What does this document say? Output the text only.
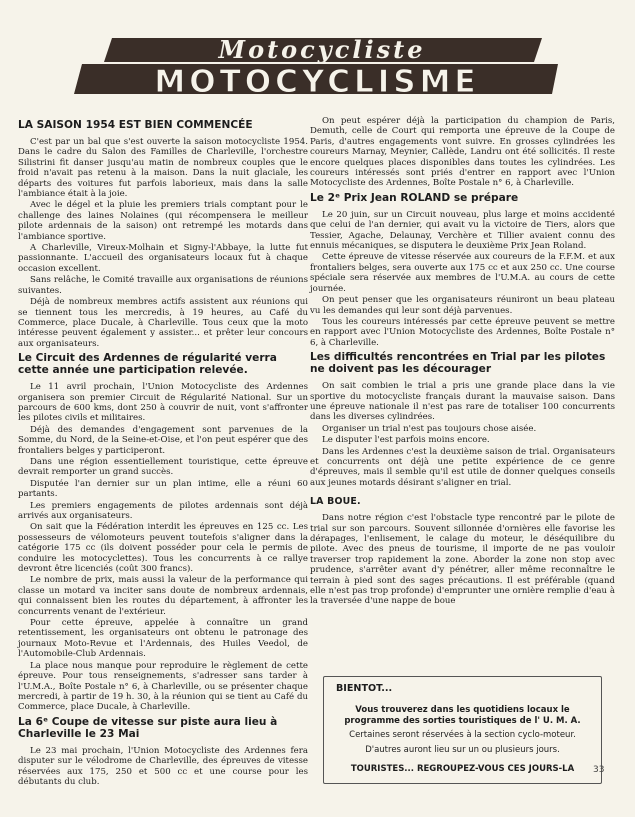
Motocycliste
MOTOCYCLISME
LA SAISON 1954 EST BIEN COMMENCÉE

C'est par un bal que s'est ouverte la saison motocycliste 1954. Dans le cadre du Salon des Familles de Charleville, l'orchestre Silistrini fit danser jusqu'au matin de nombreux couples que le froid n'avait pas retenu à la maison. Dans la nuit glaciale, les départs des voitures fut parfois laborieux, mais dans la salle l'ambiance était à la joie.

Avec le dégel et la pluie les premiers trials comptant pour le challenge des laines Nolaines (qui récompensera le meilleur pilote ardennais de la saison) ont retrempé les motards dans l'ambiance sportive.

A Charleville, Vireux-Molhain et Signy-l'Abbaye, la lutte fut passionnante. L'accueil des organisateurs locaux fut à chaque occasion excellent.

Sans relâche, le Comité travaille aux organisations de réunions suivantes.

Déjà de nombreux membres actifs assistent aux réunions qui se tiennent tous les mercredis, à 19 heures, au Café du Commerce, place Ducale, à Charleville. Tous ceux que la moto intéresse peuvent également y assister... et prêter leur concours aux organisateurs.

Le Circuit des Ardennes de régularité verra cette année une participation relevée.

Le 11 avril prochain, l'Union Motocycliste des Ardennes organisera son premier Circuit de Régularité National. Sur un parcours de 600 kms, dont 250 à couvrir de nuit, vont s'affronter les pilotes civils et militaires.

Déjà des demandes d'engagement sont parvenues de la Somme, du Nord, de la Seine-et-Oise, et l'on peut espérer que des frontaliers belges y participeront.

Dans une région essentiellement touristique, cette épreuve devrait remporter un grand succès.

Disputée l'an dernier sur un plan intime, elle a réuni 60 partants.

Les premiers engagements de pilotes ardennais sont déjà arrivés aux organisateurs.

On sait que la Fédération interdit les épreuves en 125 cc. Les possesseurs de vélomoteurs peuvent toutefois s'aligner dans la catégorie 175 cc (ils doivent posséder pour cela le permis de conduire les motocyclettes). Tous les concurrents à ce rallye devront être licenciés (coût 300 francs).

Le nombre de prix, mais aussi la valeur de la performance qui classe un motard va inciter sans doute de nombreux ardennais, qui connaissent bien les routes du département, à affronter les concurrents venant de l'extérieur.

Pour cette épreuve, appelée à connaître un grand retentissement, les organisateurs ont obtenu le patronage des journaux Moto-Revue et l'Ardennais, des Huiles Veedol, de l'Automobile-Club Ardennais.

La place nous manque pour reproduire le règlement de cette épreuve. Pour tous renseignements, s'adresser sans tarder à l'U.M.A., Boîte Postale n° 6, à Charleville, ou se présenter chaque mercredi, à partir de 19 h. 30, à la réunion qui se tient au Café du Commerce, place Ducale, à Charleville.

La 6ᵉ Coupe de vitesse sur piste aura lieu à Charleville le 23 Mai

Le 23 mai prochain, l'Union Motocycliste des Ardennes fera disputer sur le vélodrome de Charleville, des épreuves de vitesse réservées aux 175, 250 et 500 cc et une course pour les débutants du club.

On peut espérer déjà la participation du champion de Paris, Demuth, celle de Court qui remporta une épreuve de la Coupe de Paris, d'autres engagements vont suivre. En grosses cylindrées les coureurs Marnay, Meynier, Callède, Landru ont été sollicités. Il reste encore quelques places disponibles dans toutes les cylindrées. Les coureurs intéressés sont priés d'entrer en rapport avec l'Union Motocycliste des Ardennes, Boîte Postale n° 6, à Charleville.

Le 2ᵉ Prix Jean ROLAND se prépare

Le 20 juin, sur un Circuit nouveau, plus large et moins accidenté que celui de l'an dernier, qui avait vu la victoire de Tiers, alors que Tessier, Agache, Delaunay, Verchère et Tillier avaient connu des ennuis mécaniques, se disputera le deuxième Prix Jean Roland.

Cette épreuve de vitesse réservée aux coureurs de la F.F.M. et aux frontaliers belges, sera ouverte aux 175 cc et aux 250 cc. Une course spéciale sera réservée aux membres de l'U.M.A. au cours de cette journée.

On peut penser que les organisateurs réuniront un beau plateau vu les demandes qui leur sont déjà parvenues.

Tous les coureurs intéressés par cette épreuve peuvent se mettre en rapport avec l'Union Motocycliste des Ardennes, Boîte Postale n° 6, à Charleville.

Les difficultés rencontrées en Trial par les pilotes ne doivent pas les décourager

On sait combien le trial a pris une grande place dans la vie sportive du motocycliste français durant la mauvaise saison. Dans une épreuve nationale il n'est pas rare de totaliser 100 concurrents dans les diverses cylindrées.

Organiser un trial n'est pas toujours chose aisée.

Le disputer l'est parfois moins encore.

Dans les Ardennes c'est la deuxième saison de trial. Organisateurs et concurrents ont déjà une petite expérience de ce genre d'épreuves, mais il semble qu'il est utile de donner quelques conseils aux jeunes motards désirant s'aligner en trial.

LA BOUE.

Dans notre région c'est l'obstacle type rencontré par le pilote de trial sur son parcours. Souvent sillonnée d'ornières elle favorise les dérapages, l'enlisement, le calage du moteur, le déséquilibre du pilote. Avec des pneus de tourisme, il importe de ne pas vouloir traverser trop rapidement la zone. Aborder la zone non stop avec prudence, s'arrêter avant d'y pénétrer, aller même reconnaître le terrain à pied sont des sages précautions. Il est préférable (quand elle n'est pas trop profonde) d'emprunter une ornière remplie d'eau à la traversée d'une nappe de boue

BIENTOT...
Vous trouverez dans les quotidiens locaux le programme des sorties touristiques de l' U. M. A.
Certaines seront réservées à la section cyclo-moteur.
D'autres auront lieu sur un ou plusieurs jours.
TOURISTES... REGROUPEZ-VOUS CES JOURS-LA	33
